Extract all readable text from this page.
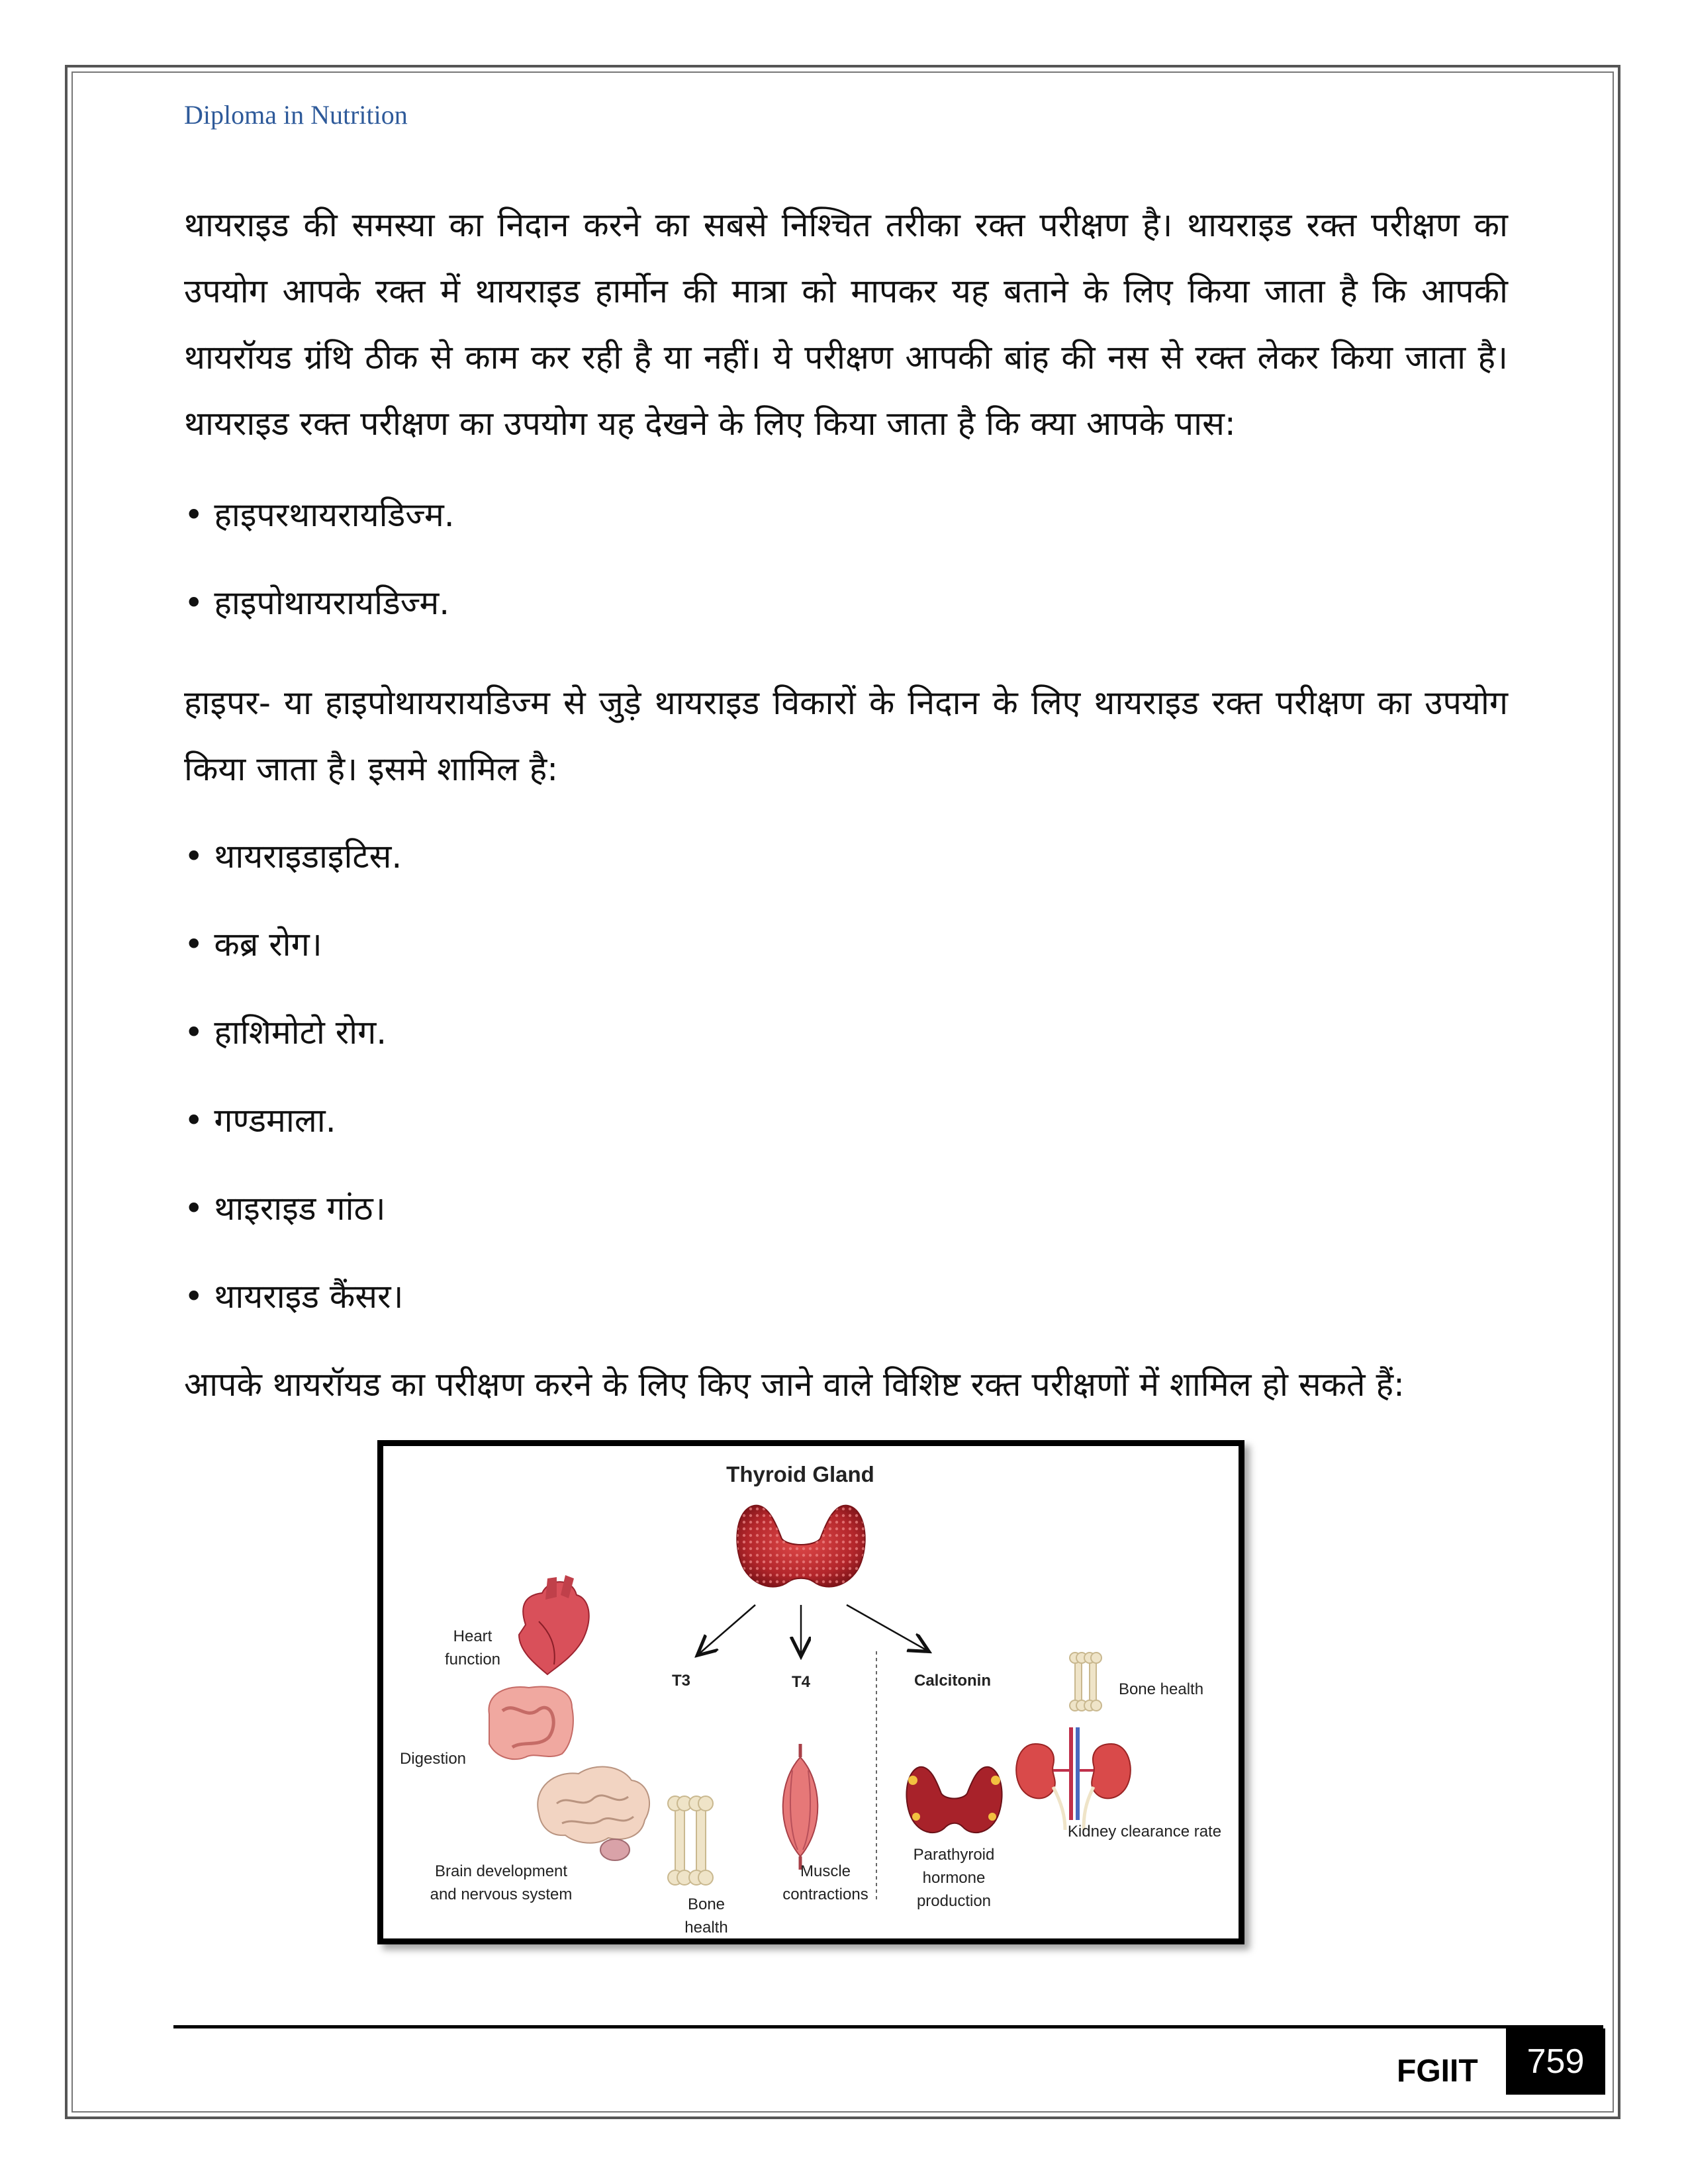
Diploma in Nutrition

थायराइड की समस्या का निदान करने का सबसे निश्चित तरीका रक्त परीक्षण है। थायराइड रक्त परीक्षण का उपयोग आपके रक्त में थायराइड हार्मोन की मात्रा को मापकर यह बताने के लिए किया जाता है कि आपकी थायरॉयड ग्रंथि ठीक से काम कर रही है या नहीं। ये परीक्षण आपकी बांह की नस से रक्त लेकर किया जाता है। थायराइड रक्त परीक्षण का उपयोग यह देखने के लिए किया जाता है कि क्या आपके पास:

• हाइपरथायरायडिज्म.

• हाइपोथायरायडिज्म.

हाइपर- या हाइपोथायरायडिज्म से जुड़े थायराइड विकारों के निदान के लिए थायराइड रक्त परीक्षण का उपयोग किया जाता है। इसमे शामिल है:

• थायराइडाइटिस.

• कब्र रोग।

• हाशिमोटो रोग.

• गण्डमाला.

• थाइराइड गांठ।

• थायराइड कैंसर।

आपके थायरॉयड का परीक्षण करने के लिए किए जाने वाले विशिष्ट रक्त परीक्षणों में शामिल हो सकते हैं:

Thyroid Gland
T3	T4	Calcitonin
Heart
function
Digestion
Brain development
and nervous system
Bone
health
Muscle
contractions
Parathyroid
hormone
production
Bone health
Kidney clearance rate
FGIIT	759
